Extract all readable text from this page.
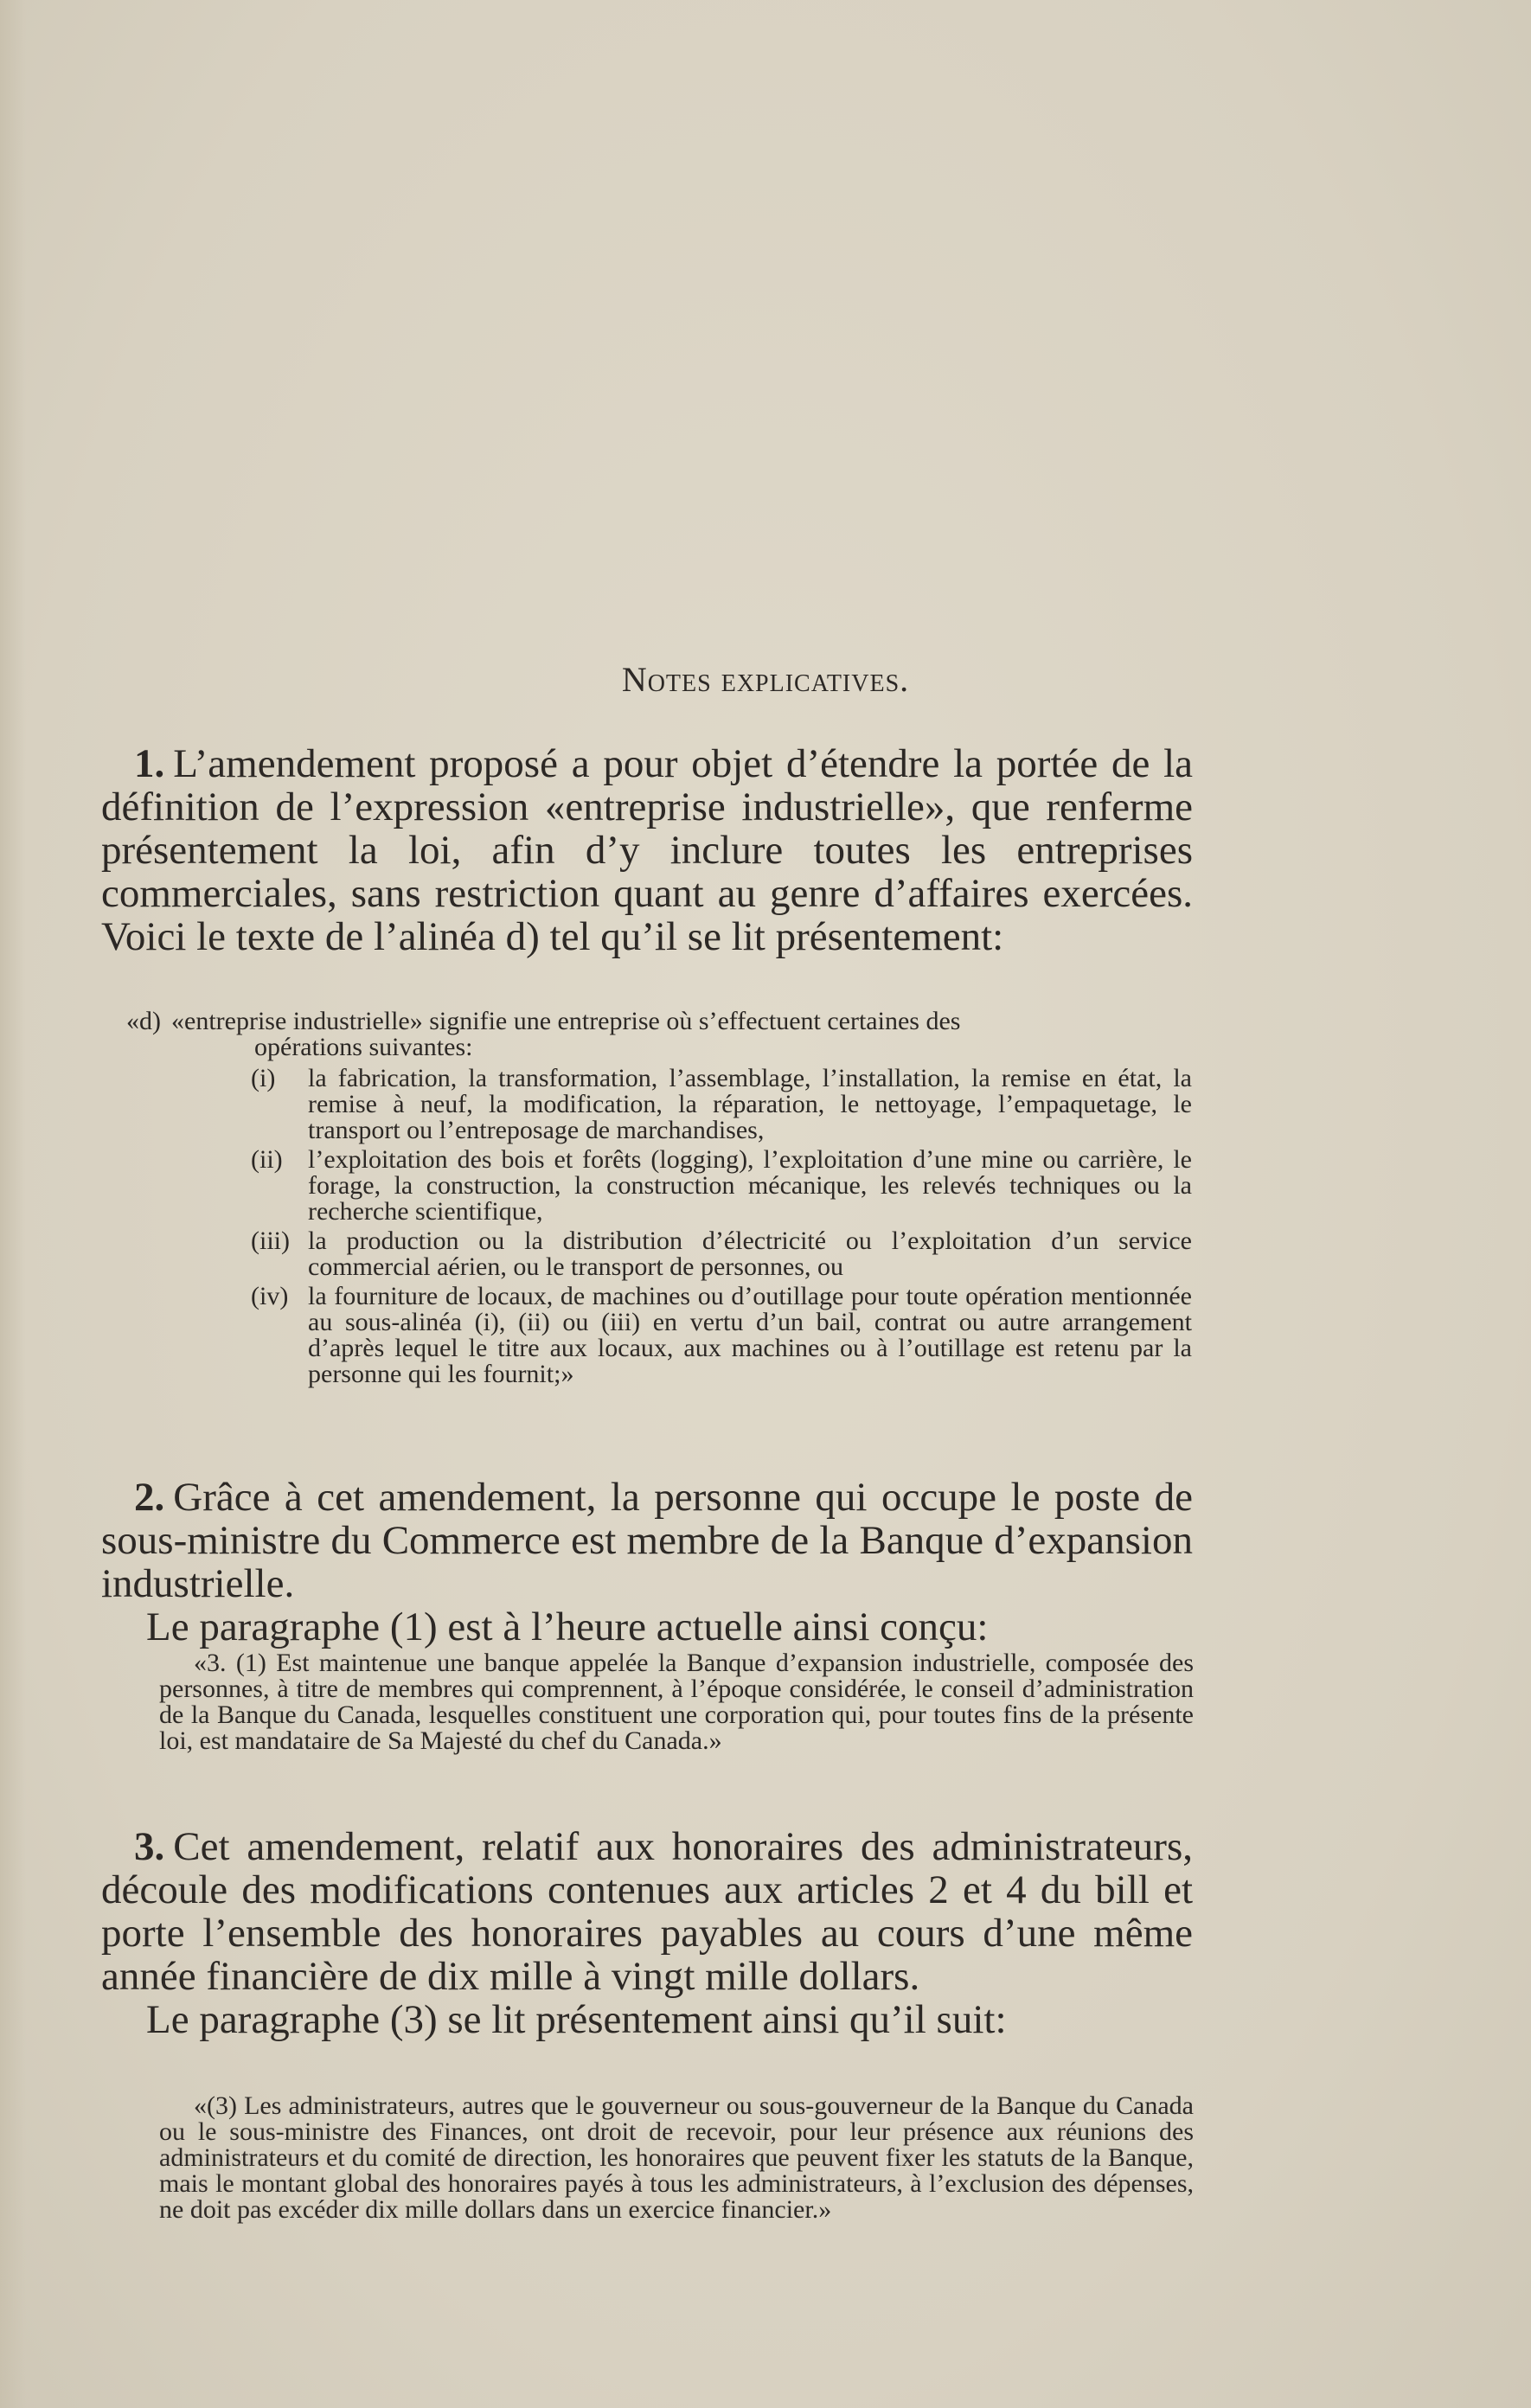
Notes explicatives.

1. L’amendement proposé a pour objet d’étendre la portée de la définition de l’expression «entreprise industrielle», que renferme présentement la loi, afin d’y inclure toutes les entreprises commerciales, sans restriction quant au genre d’affaires exercées. Voici le texte de l’alinéa d) tel qu’il se lit présentement:

«d) «entreprise industrielle» signifie une entreprise où s’effectuent certaines des
opérations suivantes:

(i) la fabrication, la transformation, l’assemblage, l’installation, la remise en état, la remise à neuf, la modification, la réparation, le nettoyage, l’empaquetage, le transport ou l’entreposage de marchandises,

(ii) l’exploitation des bois et forêts (logging), l’exploitation d’une mine ou carrière, le forage, la construction, la construction mécanique, les relevés techniques ou la recherche scientifique,

(iii) la production ou la distribution d’électricité ou l’exploitation d’un service commercial aérien, ou le transport de personnes, ou

(iv) la fourniture de locaux, de machines ou d’outillage pour toute opération mentionnée au sous-alinéa (i), (ii) ou (iii) en vertu d’un bail, contrat ou autre arrangement d’après lequel le titre aux locaux, aux machines ou à l’outillage est retenu par la personne qui les fournit;»

2. Grâce à cet amendement, la personne qui occupe le poste de sous-ministre du Commerce est membre de la Banque d’expansion industrielle.

Le paragraphe (1) est à l’heure actuelle ainsi conçu:

«3. (1) Est maintenue une banque appelée la Banque d’expansion industrielle, composée des personnes, à titre de membres qui comprennent, à l’époque considérée, le conseil d’administration de la Banque du Canada, lesquelles constituent une corporation qui, pour toutes fins de la présente loi, est mandataire de Sa Majesté du chef du Canada.»

3. Cet amendement, relatif aux honoraires des administrateurs, découle des modifications contenues aux articles 2 et 4 du bill et porte l’ensemble des honoraires payables au cours d’une même année financière de dix mille à vingt mille dollars.

Le paragraphe (3) se lit présentement ainsi qu’il suit:

«(3) Les administrateurs, autres que le gouverneur ou sous-gouverneur de la Banque du Canada ou le sous-ministre des Finances, ont droit de recevoir, pour leur présence aux réunions des administrateurs et du comité de direction, les honoraires que peuvent fixer les statuts de la Banque, mais le montant global des honoraires payés à tous les administrateurs, à l’exclusion des dépenses, ne doit pas excéder dix mille dollars dans un exercice financier.»
